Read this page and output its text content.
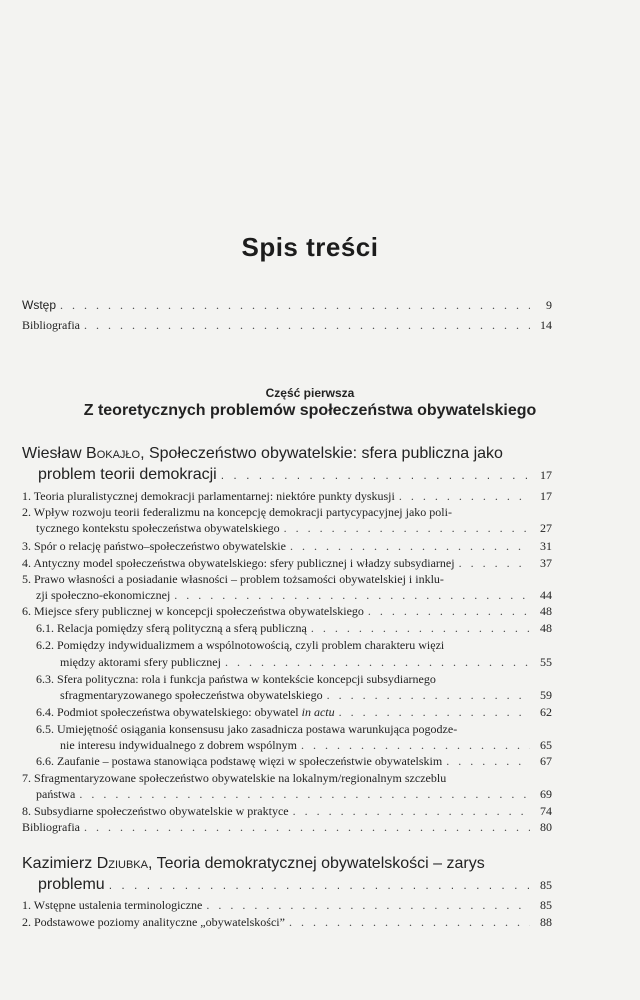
Spis treści
Wstęp . . .	9
Bibliografia . . .	14
Część pierwsza
Z teoretycznych problemów społeczeństwa obywatelskiego
Wiesław Bokajło, Społeczeństwo obywatelskie: sfera publiczna jako
problem teorii demokracji . . .	17
1. Teoria pluralistycznej demokracji parlamentarnej: niektóre punkty dyskusji . . .	17
2. Wpływ rozwoju teorii federalizmu na koncepcję demokracji partycypacyjnej jako poli-
tycznego kontekstu społeczeństwa obywatelskiego . . .	27
3. Spór o relację państwo–społeczeństwo obywatelskie . . .	31
4. Antyczny model społeczeństwa obywatelskiego: sfery publicznej i władzy subsydiarnej . . .	37
5. Prawo własności a posiadanie własności – problem tożsamości obywatelskiej i inklu-
zji społeczno-ekonomicznej . . .	44
6. Miejsce sfery publicznej w koncepcji społeczeństwa obywatelskiego . . .	48
6.1. Relacja pomiędzy sferą polityczną a sferą publiczną . . .	48
6.2. Pomiędzy indywidualizmem a wspólnotowością, czyli problem charakteru więzi
między aktorami sfery publicznej . . .	55
6.3. Sfera polityczna: rola i funkcja państwa w kontekście koncepcji subsydiarnego
sfragmentaryzowanego społeczeństwa obywatelskiego . . .	59
6.4. Podmiot społeczeństwa obywatelskiego: obywatel in actu . . .	62
6.5. Umiejętność osiągania konsensusu jako zasadnicza postawa warunkująca pogodze-
nie interesu indywidualnego z dobrem wspólnym . . .	65
6.6. Zaufanie – postawa stanowiąca podstawę więzi w społeczeństwie obywatelskim . . .	67
7. Sfragmentaryzowane społeczeństwo obywatelskie na lokalnym/regionalnym szczeblu
państwa . . .	69
8. Subsydiarne społeczeństwo obywatelskie w praktyce . . .	74
Bibliografia . . .	80
Kazimierz Dziubka, Teoria demokratycznej obywatelskości – zarys
problemu . . .	85
1. Wstępne ustalenia terminologiczne . . .	85
2. Podstawowe poziomy analityczne „obywatelskości” . . .	88
